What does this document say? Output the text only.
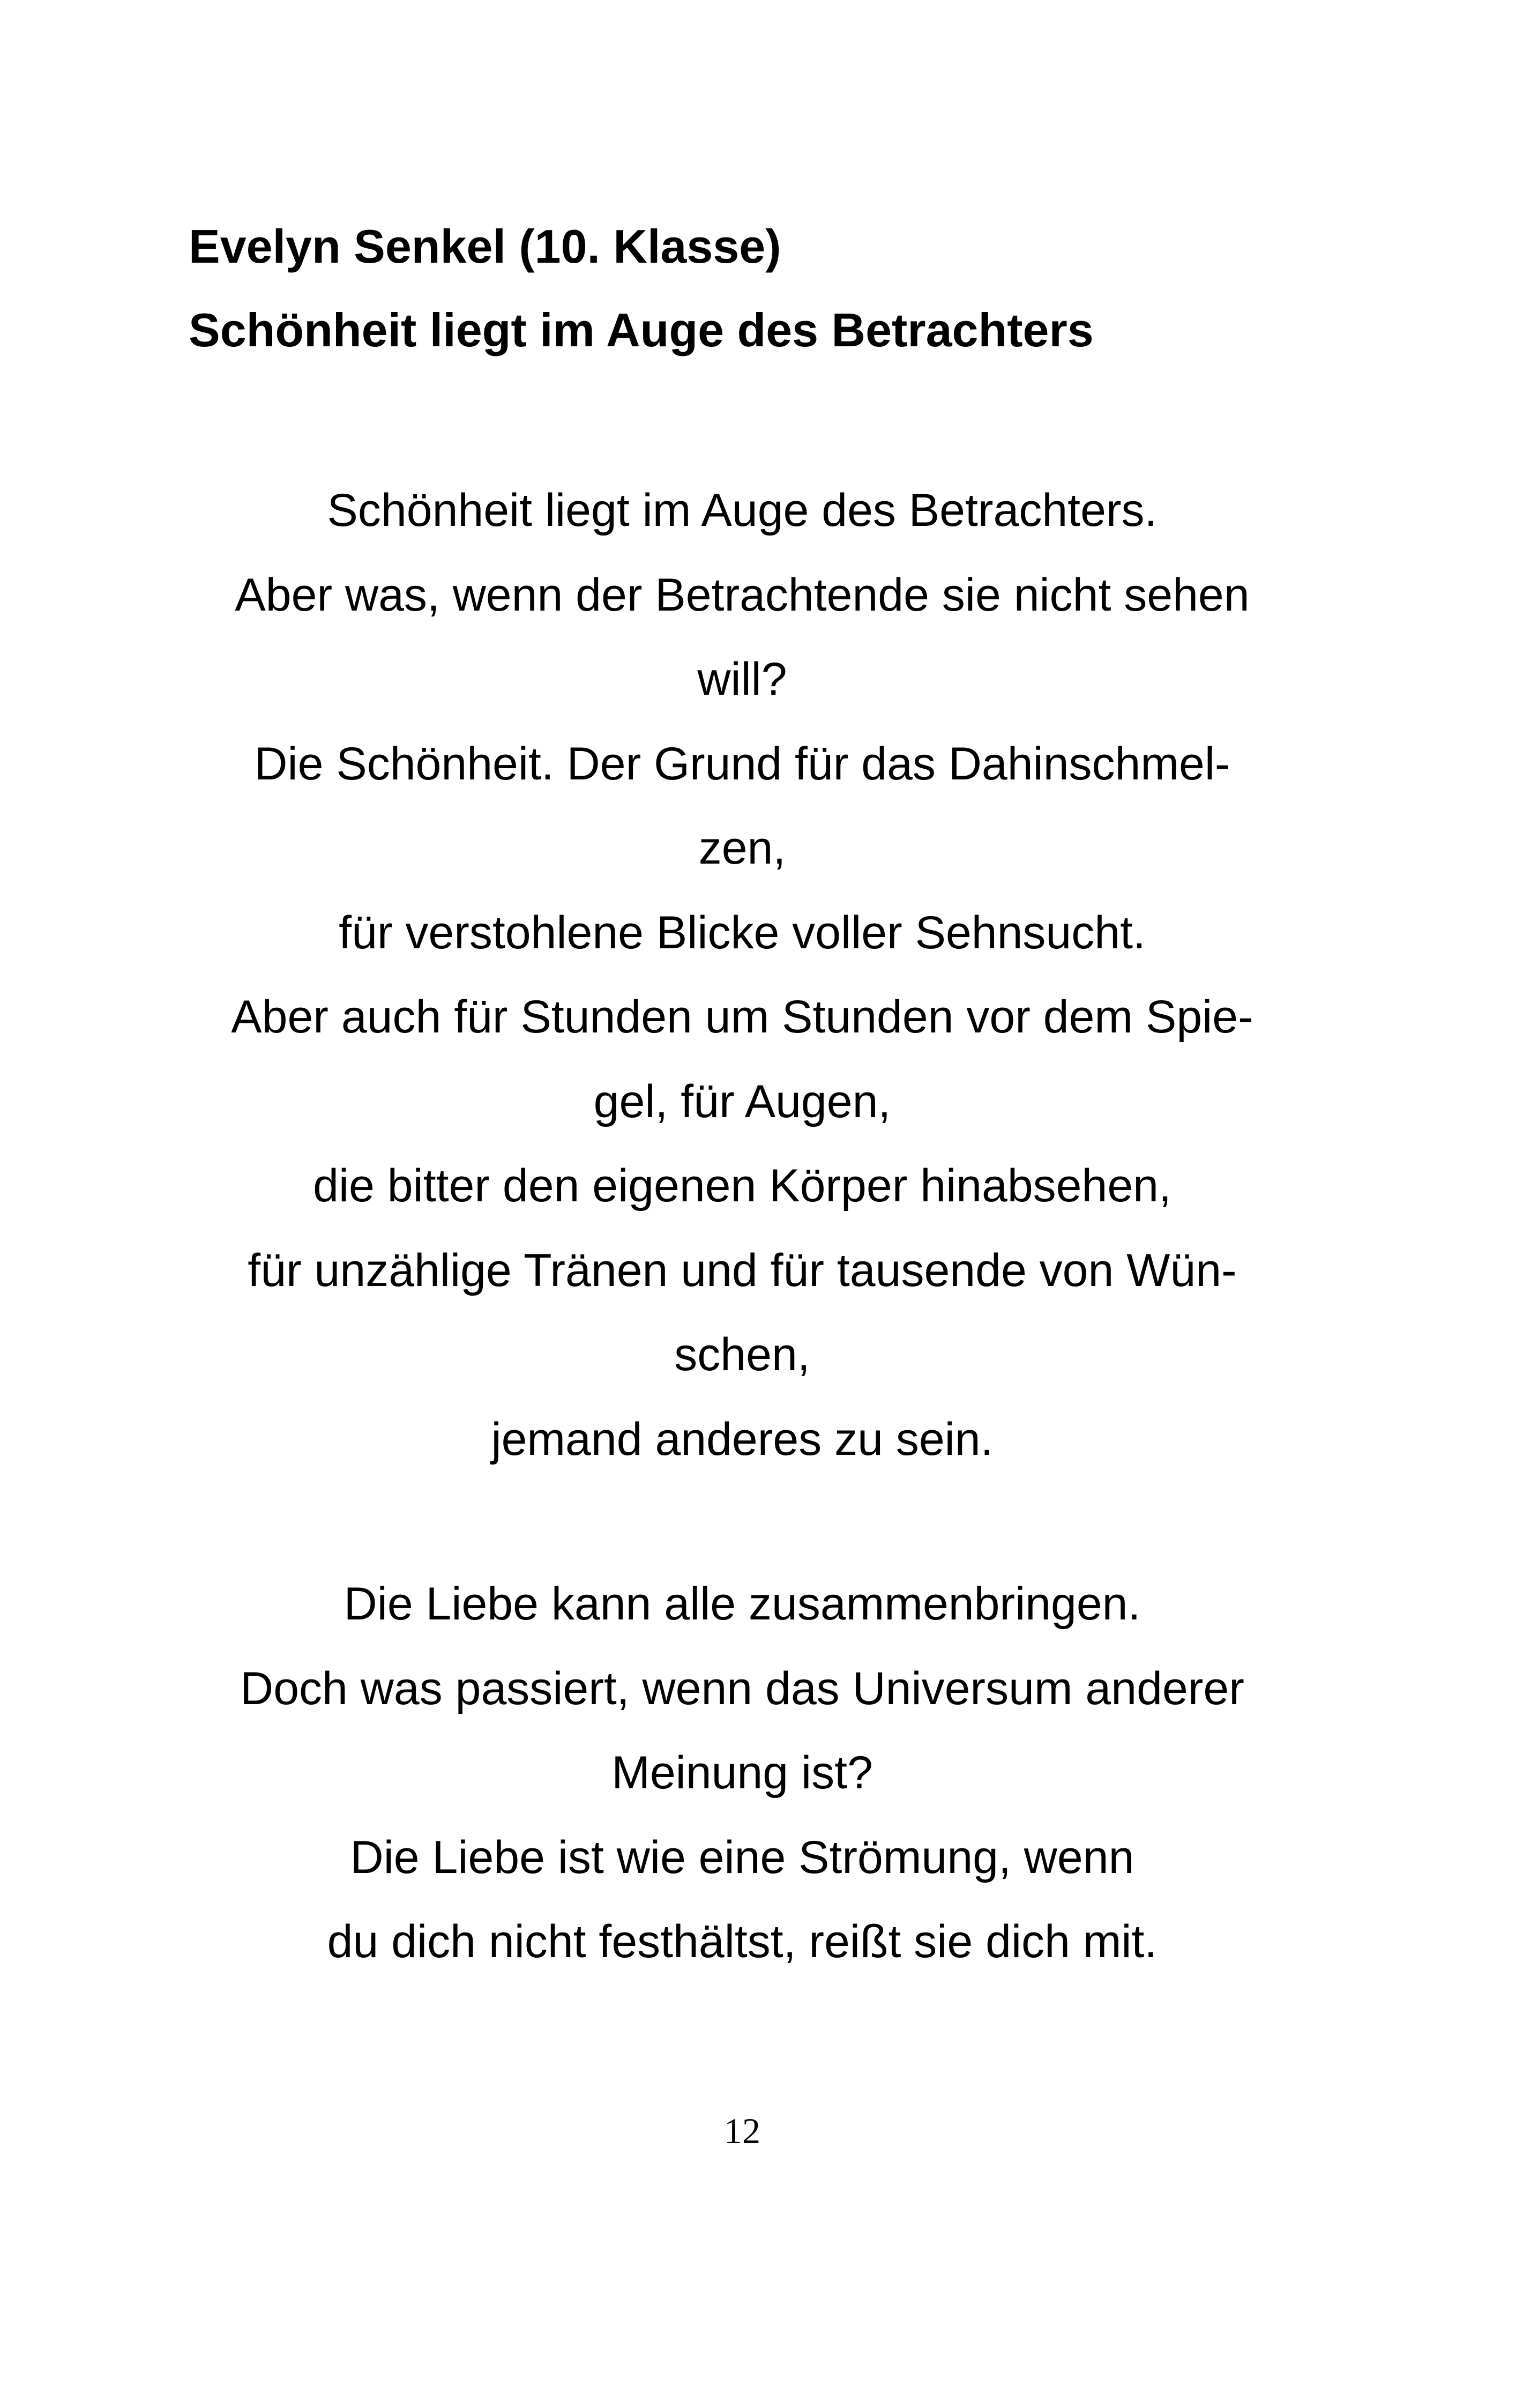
Evelyn Senkel (10. Klasse)
Schönheit liegt im Auge des Betrachters
Schönheit liegt im Auge des Betrachters.
Aber was, wenn der Betrachtende sie nicht sehen
will?
Die Schönheit. Der Grund für das Dahinschmel-
zen,
für verstohlene Blicke voller Sehnsucht.
Aber auch für Stunden um Stunden vor dem Spie-
gel, für Augen,
die bitter den eigenen Körper hinabsehen,
für unzählige Tränen und für tausende von Wün-
schen,
jemand anderes zu sein.
Die Liebe kann alle zusammenbringen.
Doch was passiert, wenn das Universum anderer
Meinung ist?
Die Liebe ist wie eine Strömung, wenn
du dich nicht festhältst, reißt sie dich mit.
12
